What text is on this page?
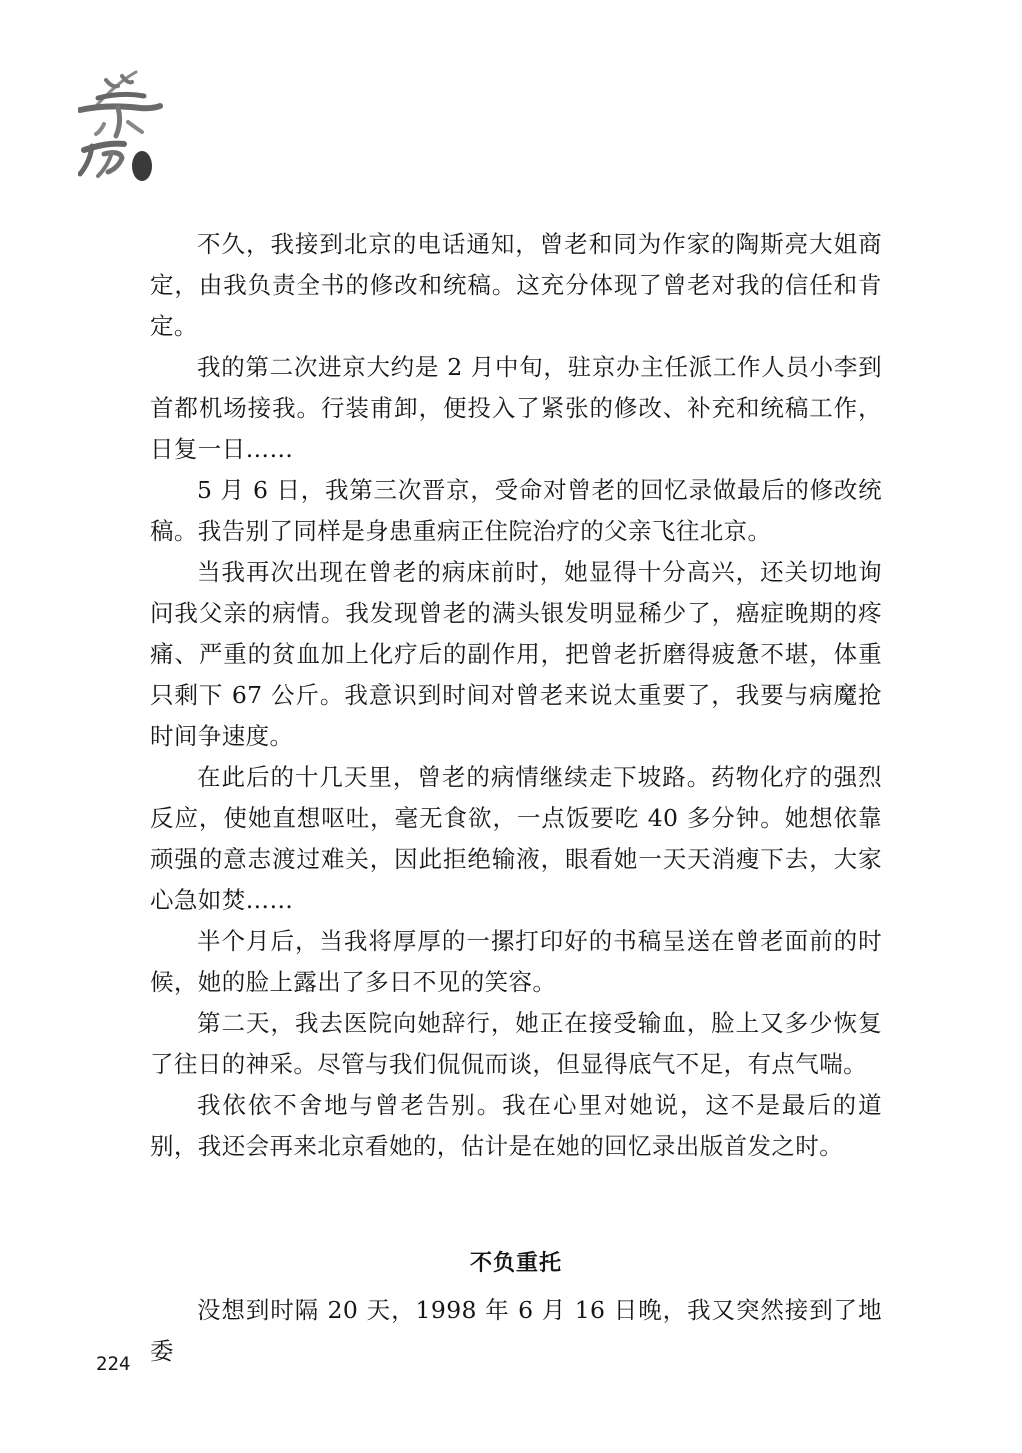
不久，我接到北京的电话通知，曾老和同为作家的陶斯亮大姐商定，由我负责全书的修改和统稿。这充分体现了曾老对我的信任和肯定。

我的第二次进京大约是 2 月中旬，驻京办主任派工作人员小李到首都机场接我。行装甫卸，便投入了紧张的修改、补充和统稿工作，日复一日……

5 月 6 日，我第三次晋京，受命对曾老的回忆录做最后的修改统稿。我告别了同样是身患重病正住院治疗的父亲飞往北京。

当我再次出现在曾老的病床前时，她显得十分高兴，还关切地询问我父亲的病情。我发现曾老的满头银发明显稀少了，癌症晚期的疼痛、严重的贫血加上化疗后的副作用，把曾老折磨得疲惫不堪，体重只剩下 67 公斤。我意识到时间对曾老来说太重要了，我要与病魔抢时间争速度。

在此后的十几天里，曾老的病情继续走下坡路。药物化疗的强烈反应，使她直想呕吐，毫无食欲，一点饭要吃 40 多分钟。她想依靠顽强的意志渡过难关，因此拒绝输液，眼看她一天天消瘦下去，大家心急如焚……

半个月后，当我将厚厚的一摞打印好的书稿呈送在曾老面前的时候，她的脸上露出了多日不见的笑容。

第二天，我去医院向她辞行，她正在接受输血，脸上又多少恢复了往日的神采。尽管与我们侃侃而谈，但显得底气不足，有点气喘。

我依依不舍地与曾老告别。我在心里对她说，这不是最后的道别，我还会再来北京看她的，估计是在她的回忆录出版首发之时。

不负重托

没想到时隔 20 天，1998 年 6 月 16 日晚，我又突然接到了地委

224
